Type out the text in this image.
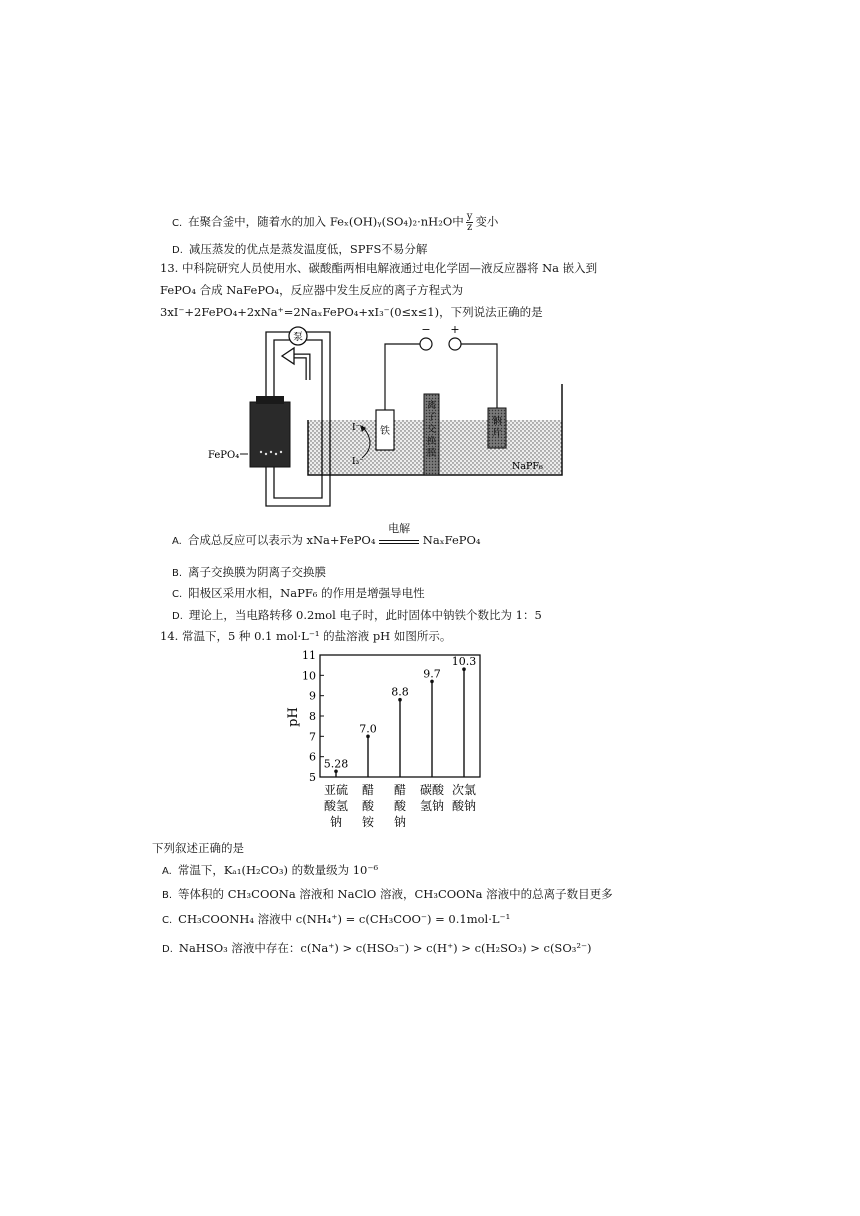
C. 在聚合釜中，随着水的加入 Feₓ(OH)ᵧ(SO₄)₂·nH₂O中 $\frac{y}{z}$ 变小
D. 减压蒸发的优点是蒸发温度低，SPFS不易分解
13. 中科院研究人员使用水、碳酸酯两相电解液通过电化学固—液反应器将 Na 嵌入到
FePO₄ 合成 NaFePO₄，反应器中发生反应的离子方程式为
3xI⁻+2FePO₄+2xNa⁺=2NaₓFePO₄+xI₃⁻(0≤x≤1)，下列说法正确的是
泵
FePO₄
铁
− +
离子交换膜
钠片
I⁻
I₃⁻	NaPF₆
A. 合成总反应可以表示为 xNa+FePO₄
电解
NaₓFePO₄
B. 离子交换膜为阴离子交换膜
C. 阳极区采用水相，NaPF₆ 的作用是增强导电性
D. 理论上，当电路转移 0.2mol 电子时，此时固体中钠铁个数比为 1：5
14. 常温下，5 种 0.1 mol·L⁻¹ 的盐溶液 pH 如图所示。
pH
5
6
7
8
9
10
11
5.28
7.0
8.8
9.7
10.3
亚硫酸氢钠
醋酸铵
醋酸钠
碳酸氢钠
次氯酸钠
下列叙述正确的是
A. 常温下，Kₐ₁(H₂CO₃) 的数量级为 10⁻⁶
B. 等体积的 CH₃COONa 溶液和 NaClO 溶液，CH₃COONa 溶液中的总离子数目更多
C. CH₃COONH₄ 溶液中 c(NH₄⁺) = c(CH₃COO⁻) = 0.1mol·L⁻¹
D. NaHSO₃ 溶液中存在：c(Na⁺) > c(HSO₃⁻) > c(H⁺) > c(H₂SO₃) > c(SO₃²⁻)
